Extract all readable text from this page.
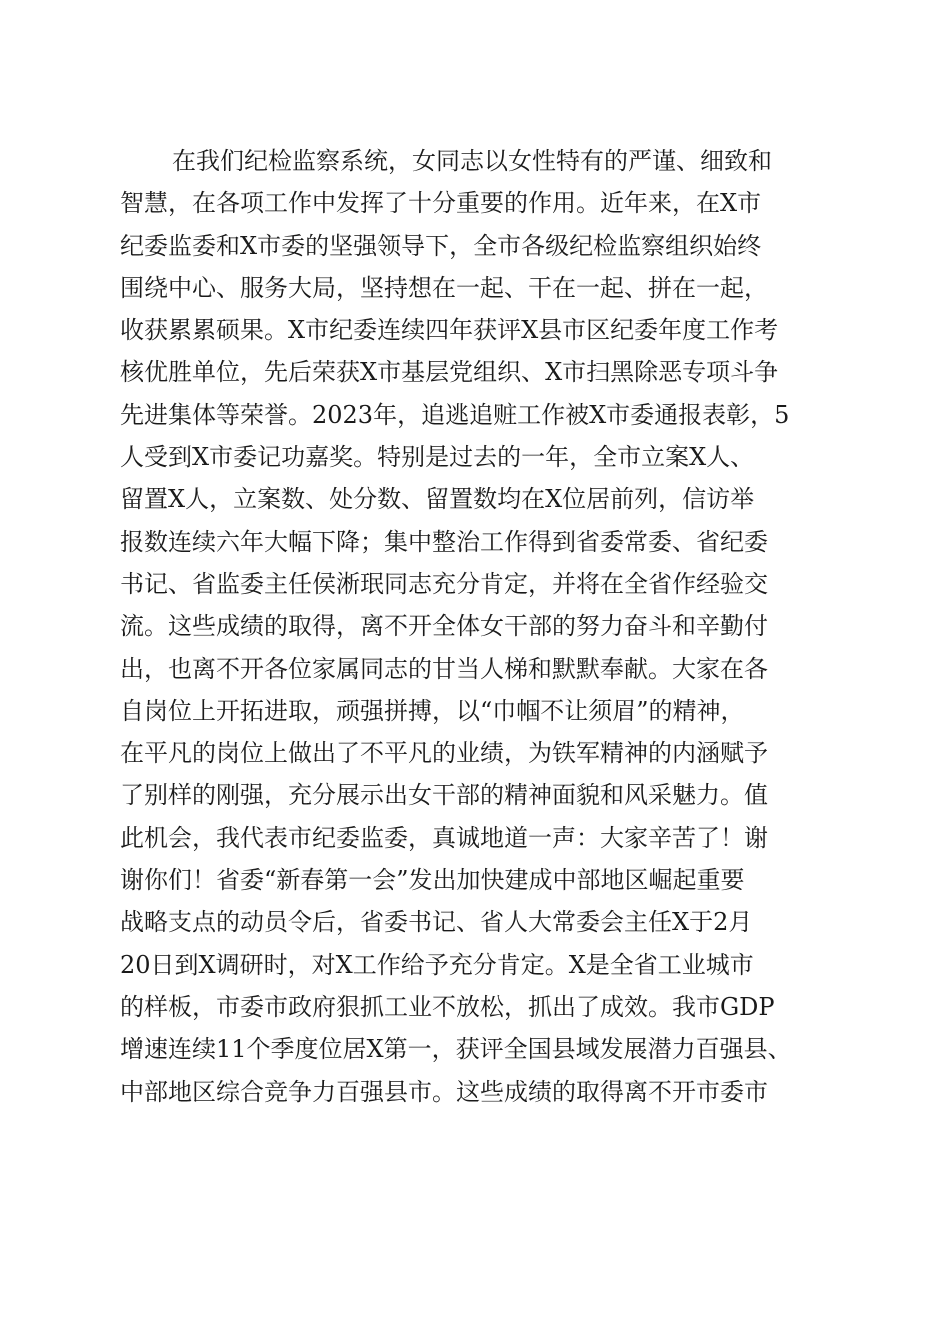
在我们纪检监察系统，女同志以女性特有的严谨、细致和
智慧，在各项工作中发挥了十分重要的作用。近年来，在X市
纪委监委和X市委的坚强领导下，全市各级纪检监察组织始终
围绕中心、服务大局，坚持想在一起、干在一起、拼在一起，
收获累累硕果。X市纪委连续四年获评X县市区纪委年度工作考
核优胜单位，先后荣获X市基层党组织、X市扫黑除恶专项斗争
先进集体等荣誉。2023年，追逃追赃工作被X市委通报表彰，5
人受到X市委记功嘉奖。特别是过去的一年，全市立案X人、
留置X人，立案数、处分数、留置数均在X位居前列，信访举
报数连续六年大幅下降；集中整治工作得到省委常委、省纪委
书记、省监委主任侯淅珉同志充分肯定，并将在全省作经验交
流。这些成绩的取得，离不开全体女干部的努力奋斗和辛勤付
出，也离不开各位家属同志的甘当人梯和默默奉献。大家在各
自岗位上开拓进取，顽强拼搏，以“巾帼不让须眉”的精神，
在平凡的岗位上做出了不平凡的业绩，为铁军精神的内涵赋予
了别样的刚强，充分展示出女干部的精神面貌和风采魅力。值
此机会，我代表市纪委监委，真诚地道一声：大家辛苦了！谢
谢你们！省委“新春第一会”发出加快建成中部地区崛起重要
战略支点的动员令后，省委书记、省人大常委会主任X于2月
20日到X调研时，对X工作给予充分肯定。X是全省工业城市
的样板，市委市政府狠抓工业不放松，抓出了成效。我市GDP
增速连续11个季度位居X第一，获评全国县域发展潜力百强县、
中部地区综合竞争力百强县市。这些成绩的取得离不开市委市
